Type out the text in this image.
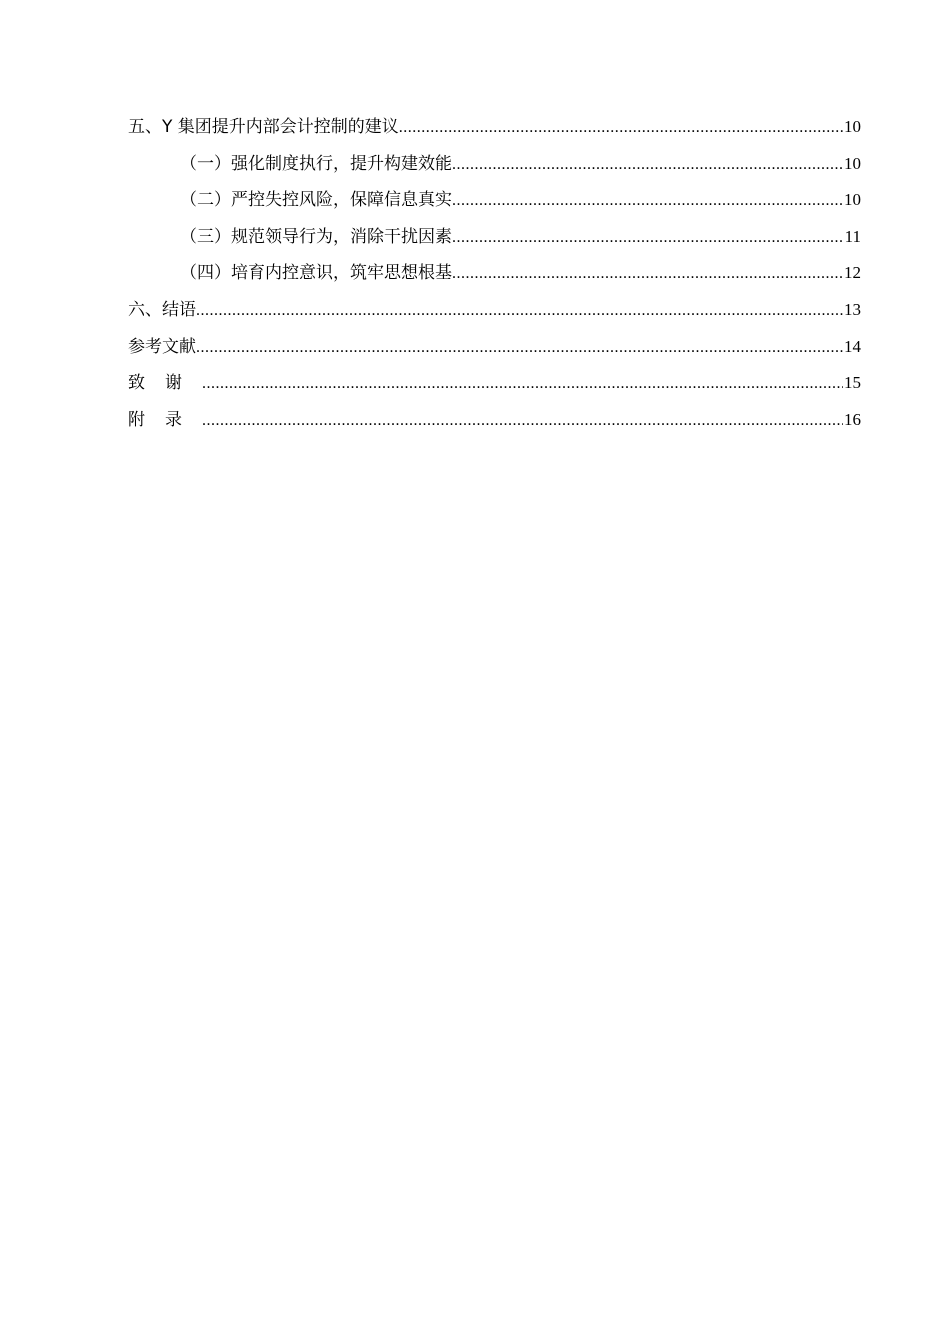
五、Y 集团提升内部会计控制的建议 .....	10
（一）强化制度执行，提升构建效能 .....	10
（二）严控失控风险，保障信息真实 .....	10
（三）规范领导行为，消除干扰因素 .....	11
（四）培育内控意识，筑牢思想根基 .....	12
六、结语 .....	13
参考文献 .....	14
致谢 .....	15
附录 .....	16
